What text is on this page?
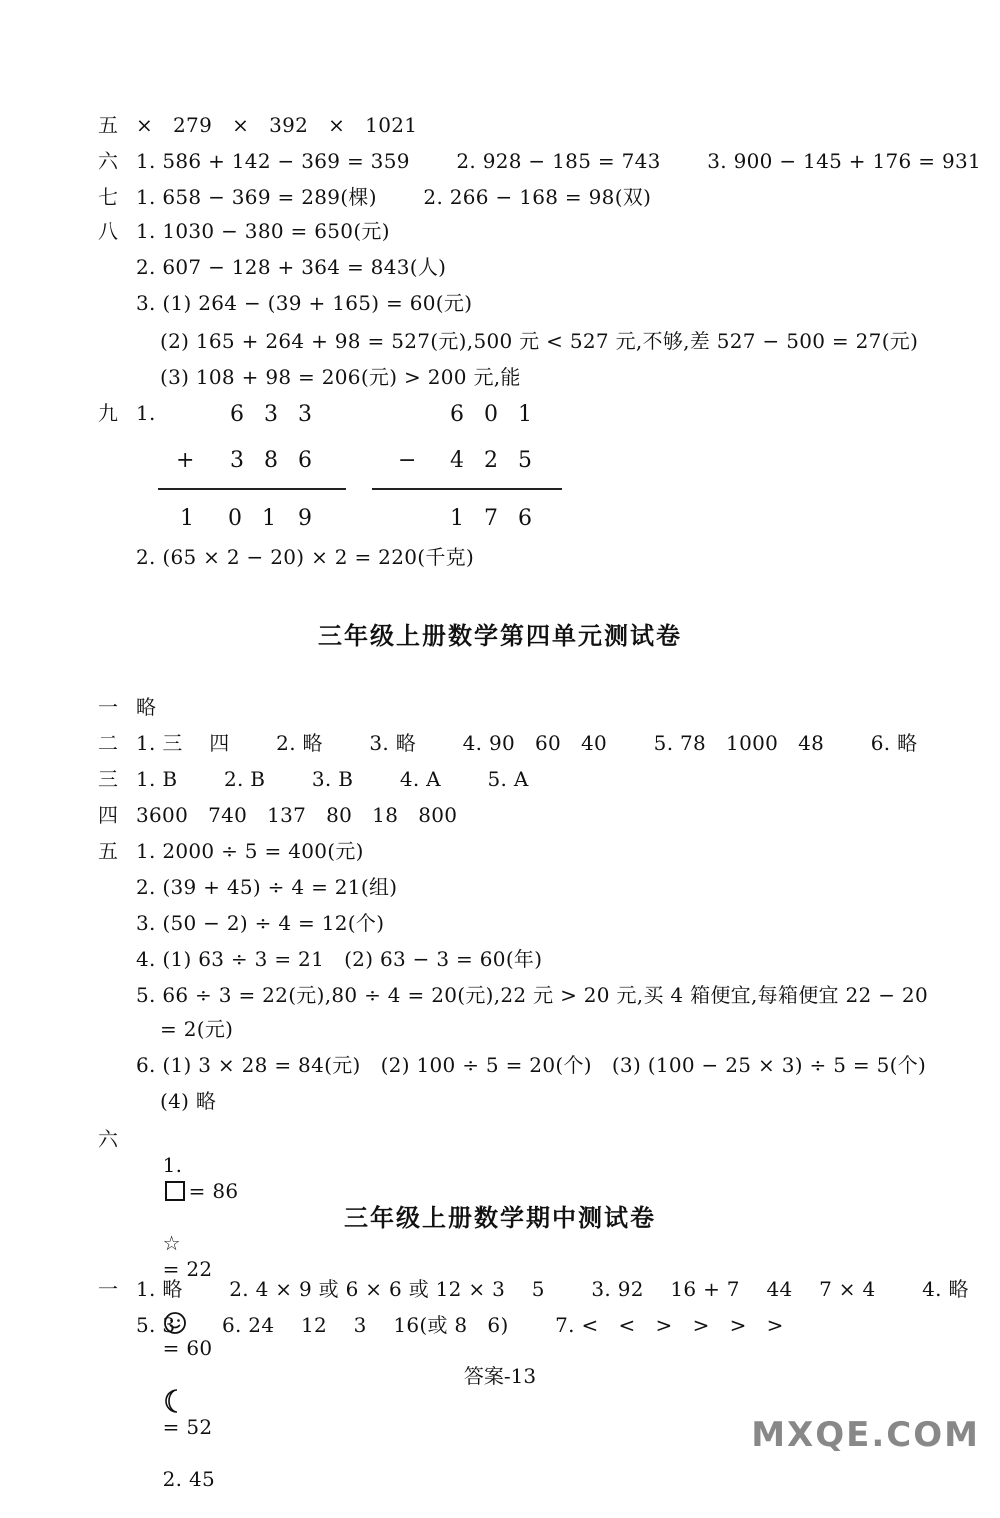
五 ×   279   ×   392   ×   1021
六 1. 586 + 142 − 369 = 359       2. 928 − 185 = 743       3. 900 − 145 + 176 = 931
七 1. 658 − 369 = 289(棵)       2. 266 − 168 = 98(双)
八 1. 1030 − 380 = 650(元)
2. 607 − 128 + 364 = 843(人)
3. (1) 264 − (39 + 165) = 60(元)
(2) 165 + 264 + 98 = 527(元),500 元 < 527 元,不够,差 527 − 500 = 27(元)
(3) 108 + 98 = 206(元) > 200 元,能
九 1.	6 3 3
+ 3 8 6
1 0 1 9
6 0 1
− 4 2 5
1 7 6
2. (65 × 2 − 20) × 2 = 220(千克)
三年级上册数学第四单元测试卷
一 略
二 1. 三    四       2. 略       3. 略       4. 90   60   40       5. 78   1000   48       6. 略
三 1. B       2. B       3. B       4. A       5. A
四 3600   740   137   80   18   800
五 1. 2000 ÷ 5 = 400(元)
2. (39 + 45) ÷ 4 = 21(组)
3. (50 − 2) ÷ 4 = 12(个)
4. (1) 63 ÷ 3 = 21   (2) 63 − 3 = 60(年)
5. 66 ÷ 3 = 22(元),80 ÷ 4 = 20(元),22 元 > 20 元,买 4 箱便宜,每箱便宜 22 − 20
= 2(元)
6. (1) 3 × 28 = 84(元)   (2) 100 ÷ 5 = 20(个)   (3) (100 − 25 × 3) ÷ 5 = 5(个)
(4) 略
六

1.
= 86

☆
= 22

= 60

= 52

2. 45

三年级上册数学期中测试卷
一 1. 略       2. 4 × 9 或 6 × 6 或 12 × 3    5       3. 92    16 + 7    44    7 × 4       4. 略
5. 3       6. 24    12    3    16(或 8   6)       7. <   <   >   >   >   >
答案-13
MXQE.COM
